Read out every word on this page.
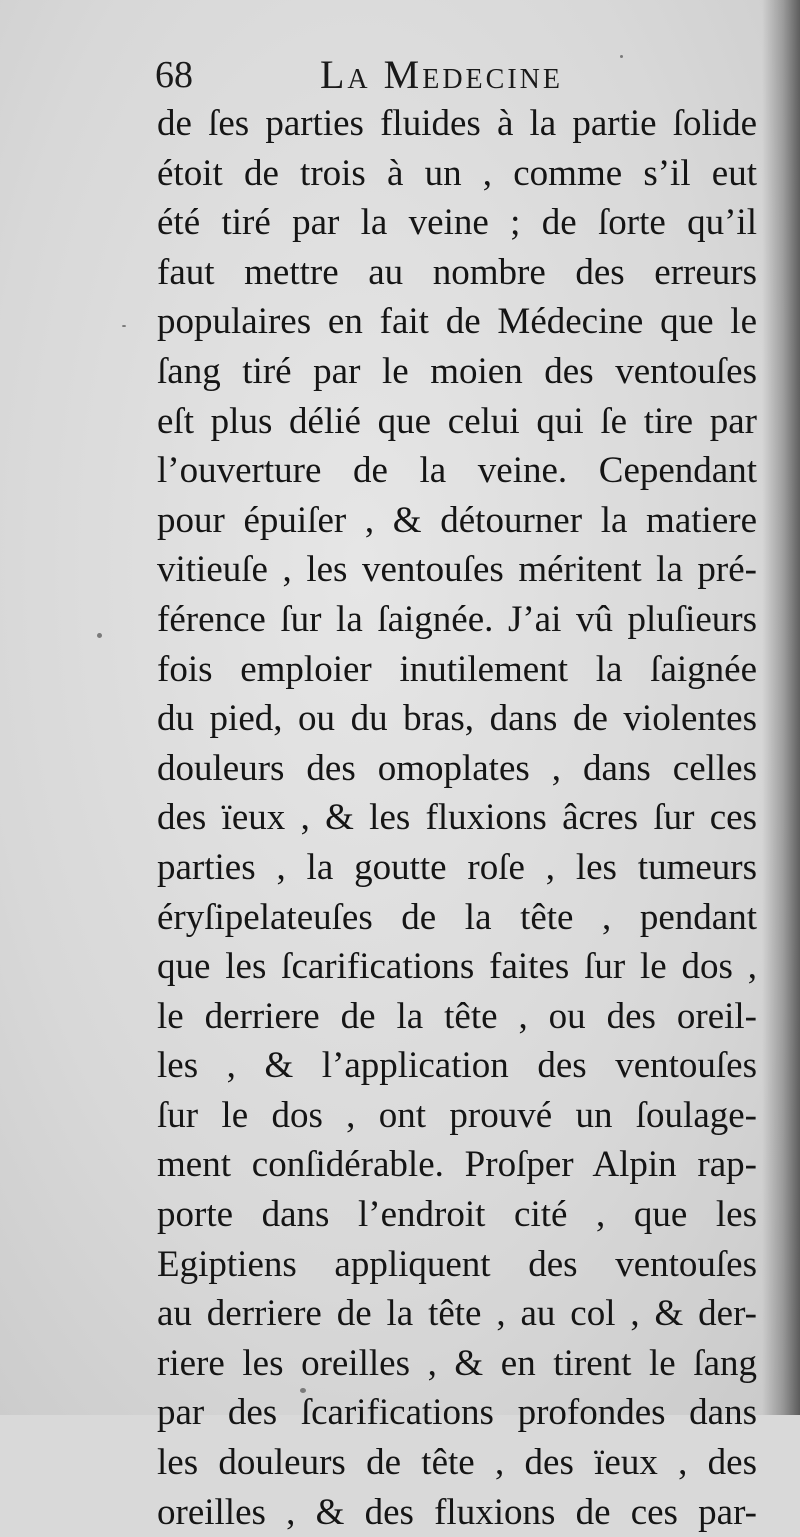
68	La Medecine
de ſes parties fluides à la partie ſolide
étoit de trois à un , comme s’il eut
été tiré par la veine ; de ſorte qu’il
faut mettre au nombre des erreurs
populaires en fait de Médecine que le
ſang tiré par le moien des ventouſes
eſt plus délié que celui qui ſe tire par
l’ouverture de la veine. Cependant
pour épuiſer , & détourner la matiere
vitieuſe , les ventouſes méritent la pré-
férence ſur la ſaignée. J’ai vû pluſieurs
fois emploier inutilement la ſaignée
du pied, ou du bras, dans de violentes
douleurs des omoplates , dans celles
des ïeux , & les fluxions âcres ſur ces
parties , la goutte roſe , les tumeurs
éryſipelateuſes de la tête , pendant
que les ſcarifications faites ſur le dos ,
le derriere de la tête , ou des oreil-
les , & l’application des ventouſes
ſur le dos , ont prouvé un ſoulage-
ment conſidérable. Proſper Alpin rap-
porte dans l’endroit cité , que les
Egiptiens appliquent des ventouſes
au derriere de la tête , au col , & der-
riere les oreilles , & en tirent le ſang
par des ſcarifications profondes dans
les douleurs de tête , des ïeux , des
oreilles , & des fluxions de ces par-
